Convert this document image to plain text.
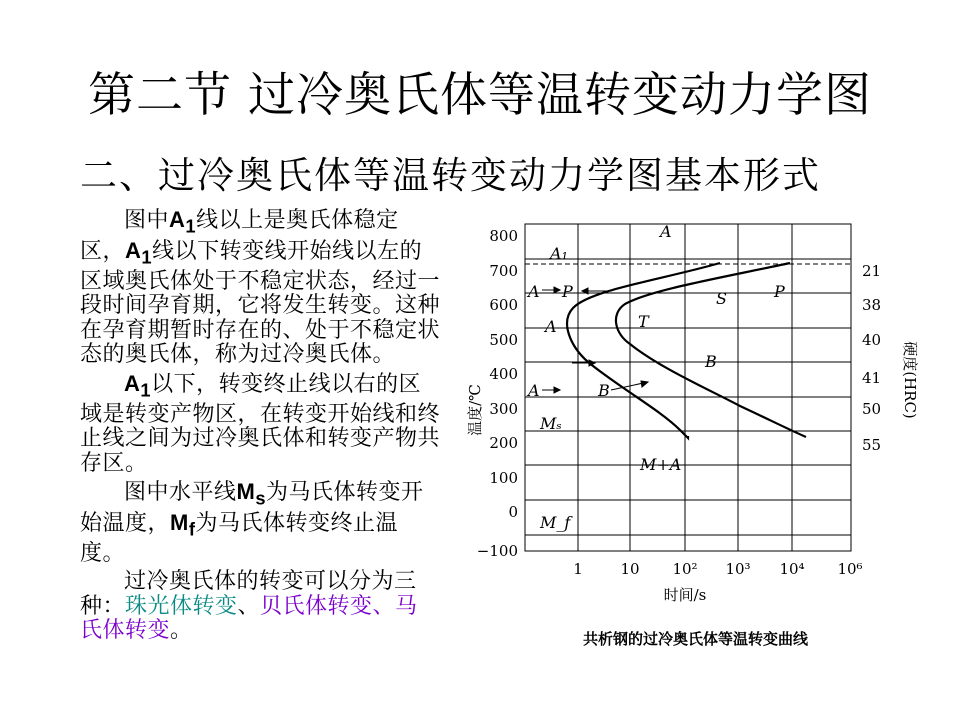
第二节 过冷奥氏体等温转变动力学图
二、过冷奥氏体等温转变动力学图基本形式

图中$A_1$线以上是奥氏体稳定区，$A_1$线以下转变线开始线以左的区域奥氏体处于不稳定状态，经过一段时间孕育期，它将发生转变。这种在孕育期暂时存在的、处于不稳定状态的奥氏体，称为过冷奥氏体。

$A_1$以下，转变终止线以右的区域是转变产物区，在转变开始线和终止线之间为过冷奥氏体和转变产物共存区。

图中水平线$M_s$为马氏体转变开始温度，$M_f$为马氏体转变终止温度。

过冷奥氏体的转变可以分为三种：珠光体转变、贝氏体转变、马氏体转变。

800
700
600
500
400
300
200
100
0
−100
1	10 10² 10³ 10⁴ 10⁶
21
38
40
41
50
55
温度/℃
时间/s
硬度(HRC)
A
A₁
A P	S	P
A	T
B
A	B
Mₛ
M+A
M_f
共析钢的过冷奥氏体等温转变曲线
